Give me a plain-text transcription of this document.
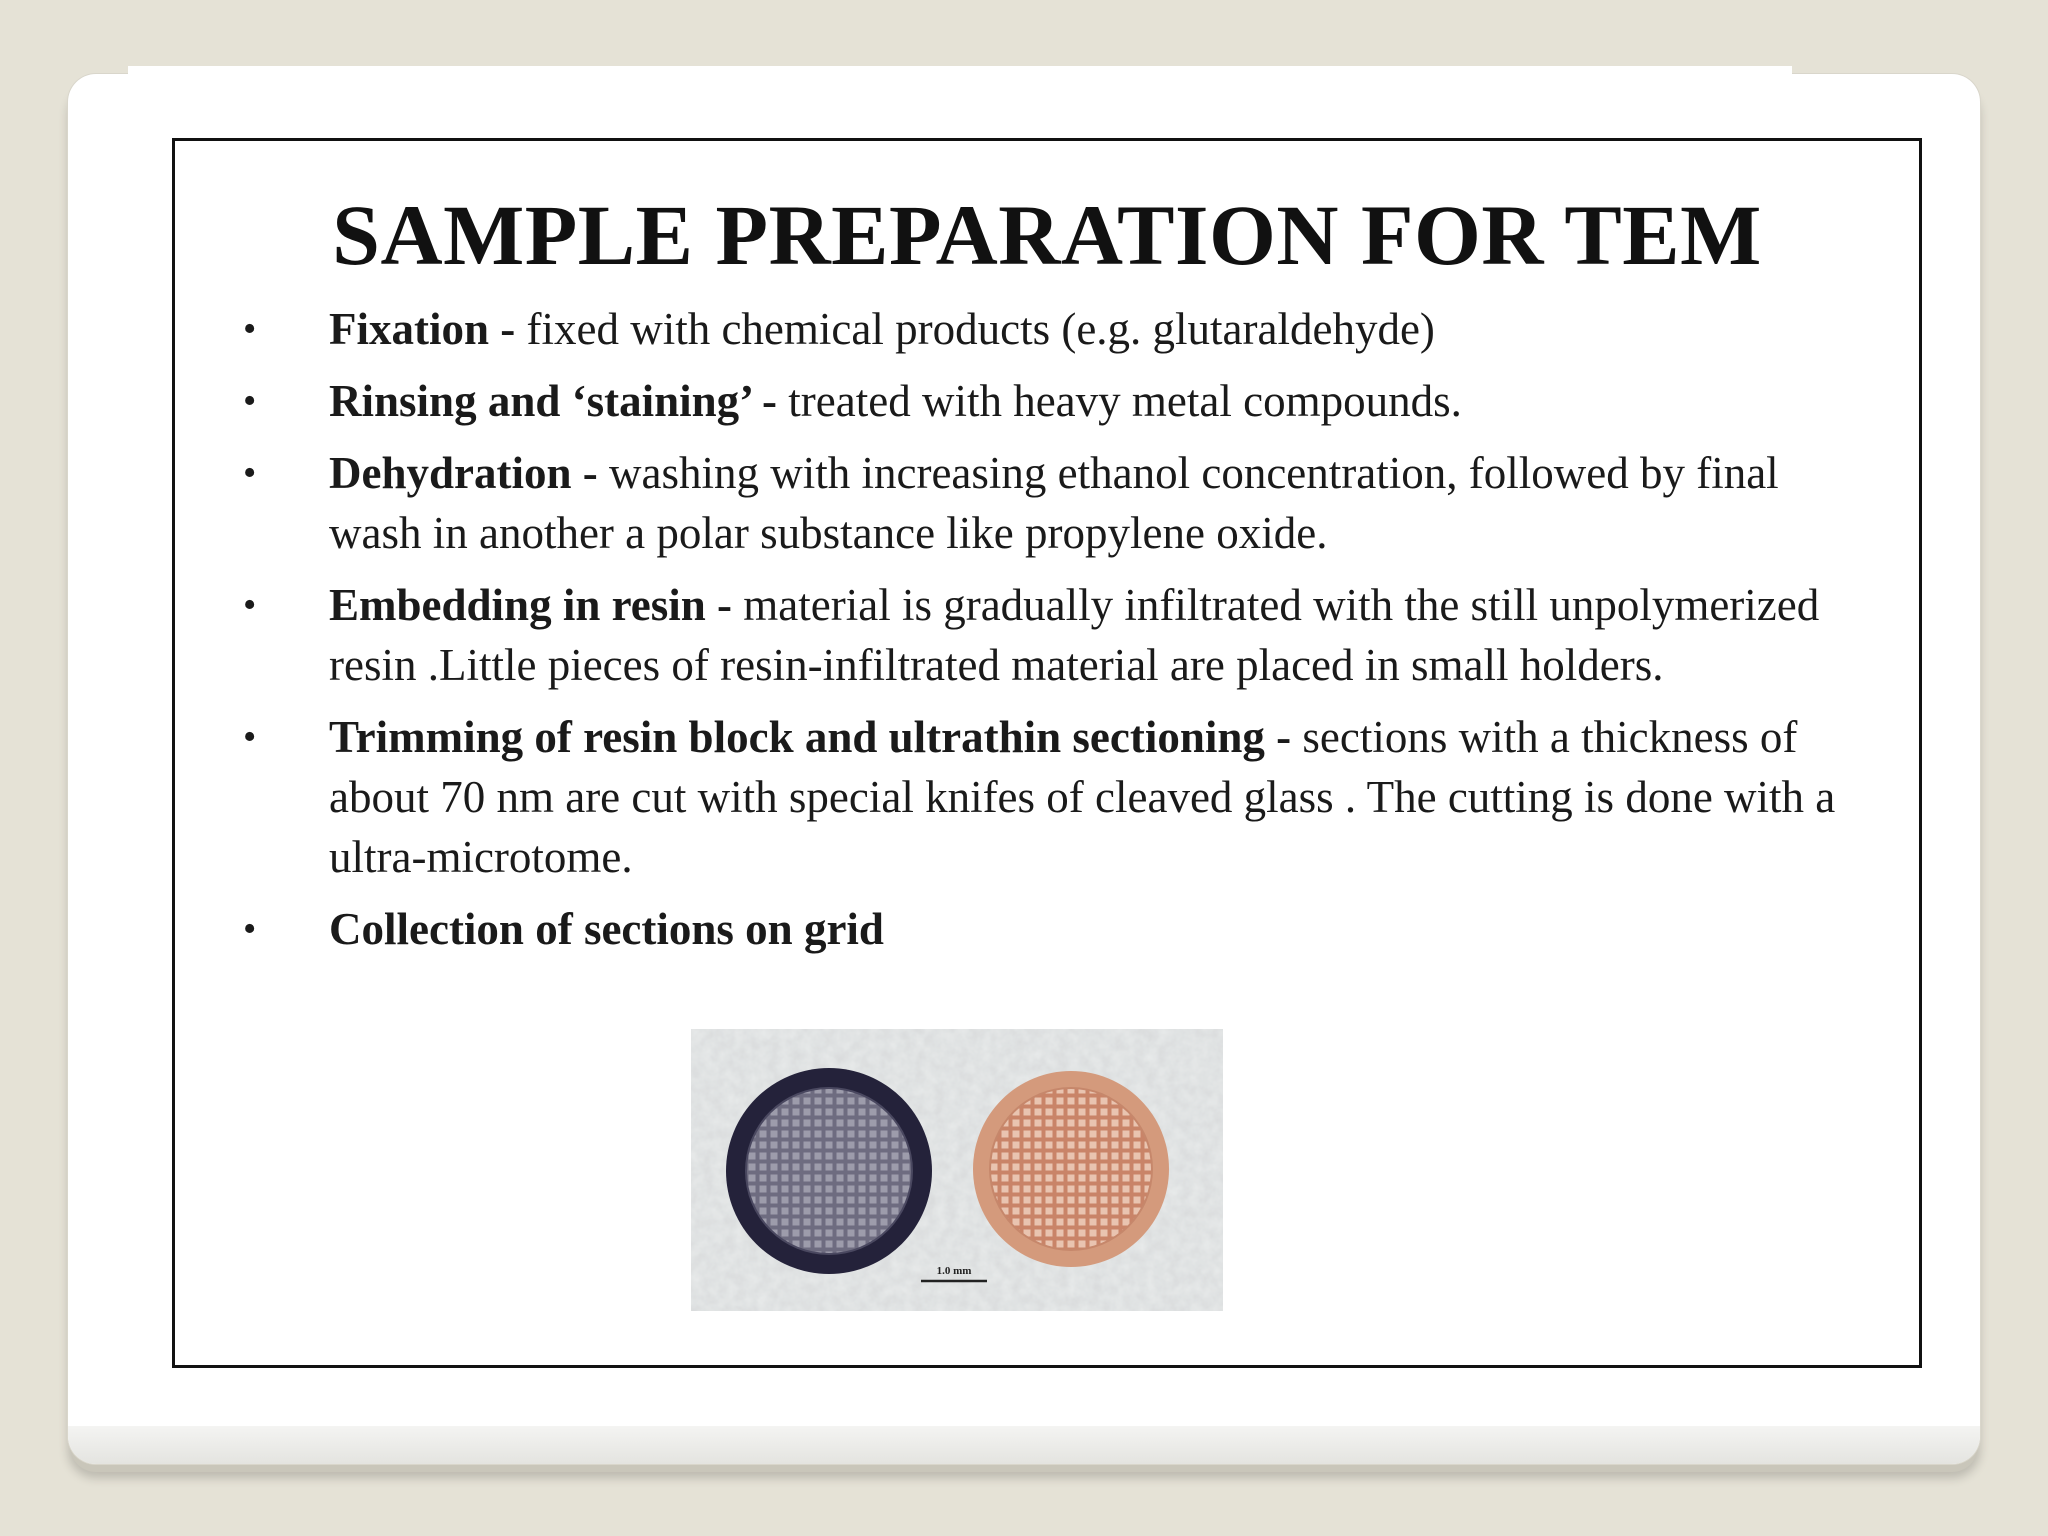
SAMPLE PREPARATION FOR TEM
• Fixation - fixed with chemical products (e.g. glutaraldehyde)
• Rinsing and ‘staining’ - treated with heavy metal compounds.
• Dehydration - washing with increasing ethanol concentration, followed by final wash in another a polar substance like propylene oxide.
• Embedding in resin - material is gradually infiltrated with the still unpolymerized resin .Little pieces of resin-infiltrated material are placed in small holders.
• Trimming of resin block and ultrathin sectioning - sections with a thickness of about 70 nm are cut with special knifes of cleaved glass . The cutting is done with a ultra-microtome.
• Collection of sections on grid
1.0 mm
